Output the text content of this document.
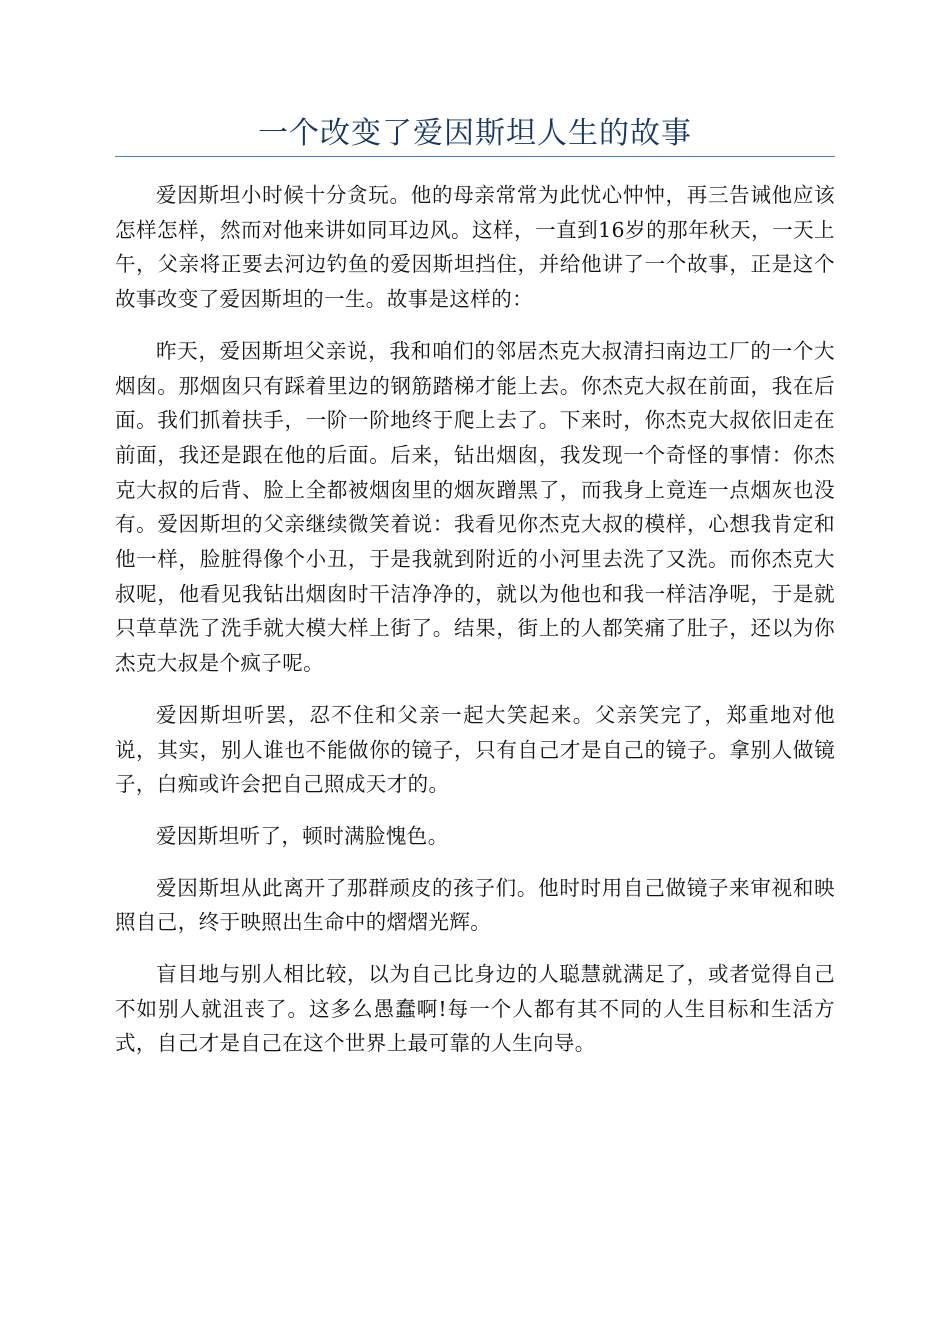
一个改变了爱因斯坦人生的故事

爱因斯坦小时候十分贪玩。他的母亲常常为此忧心忡忡，再三告诫他应该怎样怎样，然而对他来讲如同耳边风。这样，一直到16岁的那年秋天，一天上午，父亲将正要去河边钓鱼的爱因斯坦挡住，并给他讲了一个故事，正是这个故事改变了爱因斯坦的一生。故事是这样的：

昨天，爱因斯坦父亲说，我和咱们的邻居杰克大叔清扫南边工厂的一个大烟囱。那烟囱只有踩着里边的钢筋踏梯才能上去。你杰克大叔在前面，我在后面。我们抓着扶手，一阶一阶地终于爬上去了。下来时，你杰克大叔依旧走在前面，我还是跟在他的后面。后来，钻出烟囱，我发现一个奇怪的事情：你杰克大叔的后背、脸上全都被烟囱里的烟灰蹭黑了，而我身上竟连一点烟灰也没有。爱因斯坦的父亲继续微笑着说：我看见你杰克大叔的模样，心想我肯定和他一样，脸脏得像个小丑，于是我就到附近的小河里去洗了又洗。而你杰克大叔呢，他看见我钻出烟囱时干洁净净的，就以为他也和我一样洁净呢，于是就只草草洗了洗手就大模大样上街了。结果，街上的人都笑痛了肚子，还以为你杰克大叔是个疯子呢。

爱因斯坦听罢，忍不住和父亲一起大笑起来。父亲笑完了，郑重地对他说，其实，别人谁也不能做你的镜子，只有自己才是自己的镜子。拿别人做镜子，白痴或许会把自己照成天才的。

爱因斯坦听了，顿时满脸愧色。

爱因斯坦从此离开了那群顽皮的孩子们。他时时用自己做镜子来审视和映照自己，终于映照出生命中的熠熠光辉。

盲目地与别人相比较，以为自己比身边的人聪慧就满足了，或者觉得自己不如别人就沮丧了。这多么愚蠢啊!每一个人都有其不同的人生目标和生活方式，自己才是自己在这个世界上最可靠的人生向导。
